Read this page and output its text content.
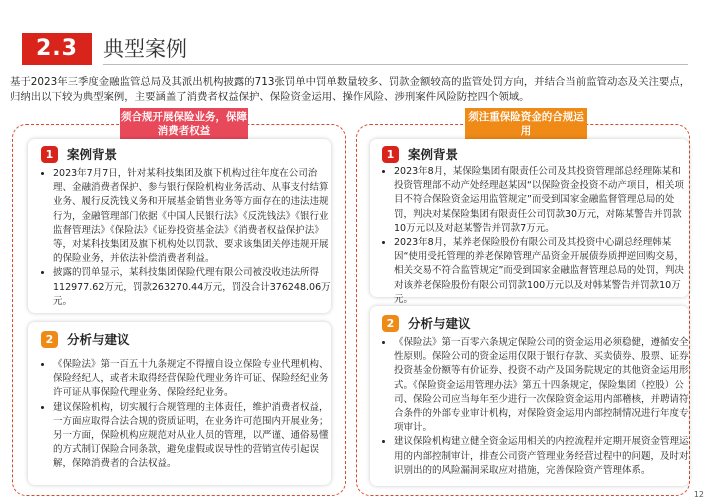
2.3	典型案例

基于2023年三季度金融监管总局及其派出机构披露的713张罚单中罚单数量较多、罚款金额较高的监管处罚方向，并结合当前监管动态及关注要点，归纳出以下较为典型案例，主要涵盖了消费者权益保护、保险资金运用、操作风险、涉刑案件风险防控四个领域。

须合规开展保险业务，保障消费者权益
1	案例背景
• 2023年7月7日，针对某科技集团及旗下机构过往年度在公司治理、金融消费者保护、参与银行保险机构业务活动、从事支付结算业务、履行反洗钱义务和开展基金销售业务等方面存在的违法违规行为，金融管理部门依据《中国人民银行法》《反洗钱法》《银行业监督管理法》《保险法》《证券投资基金法》《消费者权益保护法》等，对某科技集团及旗下机构处以罚款、要求该集团关停违规开展的保险业务，并依法补偿消费者利益。
• 披露的罚单显示，某科技集团保险代理有限公司被没收违法所得112977.62万元，罚款263270.44万元，罚没合计376248.06万元。
2	分析与建议
• 《保险法》第一百五十九条规定不得擅自设立保险专业代理机构、保险经纪人，或者未取得经营保险代理业务许可证、保险经纪业务许可证从事保险代理业务、保险经纪业务。
• 建议保险机构，切实履行合规管理的主体责任，维护消费者权益，一方面应取得合法合规的资质证明，在业务许可范围内开展业务；另一方面，保险机构应规范对从业人员的管理，以严谨、通俗易懂的方式制订保险合同条款，避免虚假或误导性的营销宣传引起误解，保障消费者的合法权益。
须注重保险资金的合规运用
1	案例背景
• 2023年8月，某保险集团有限责任公司及其投资管理部总经理陈某和投资管理部不动产处经理赵某因“以保险资金投资不动产项目，相关项目不符合保险资金运用监管规定”而受到国家金融监督管理总局的处罚，判决对某保险集团有限责任公司罚款30万元，对陈某警告并罚款10万元以及对赵某警告并罚款7万元。
• 2023年8月，某养老保险股份有限公司及其投资中心副总经理韩某因“使用受托管理的养老保障管理产品资金开展债券质押逆回购交易，相关交易不符合监管规定”而受到国家金融监督管理总局的处罚，判决对该养老保险股份有限公司罚款100万元以及对韩某警告并罚款10万元。
2	分析与建议
• 《保险法》第一百零六条规定保险公司的资金运用必须稳健，遵循安全性原则。保险公司的资金运用仅限于银行存款、买卖债券、股票、证券投资基金份额等有价证券、投资不动产及国务院规定的其他资金运用形式。《保险资金运用管理办法》第五十四条规定，保险集团（控股）公司、保险公司应当每年至少进行一次保险资金运用内部稽核，并聘请符合条件的外部专业审计机构，对保险资金运用内部控制情况进行年度专项审计。
• 建议保险机构建立健全资金运用相关的内控流程并定期开展资金管理运用的内部控制审计，排查公司资产管理业务经营过程中的问题，及时对识别出的的风险漏洞采取应对措施，完善保险资产管理体系。
12
